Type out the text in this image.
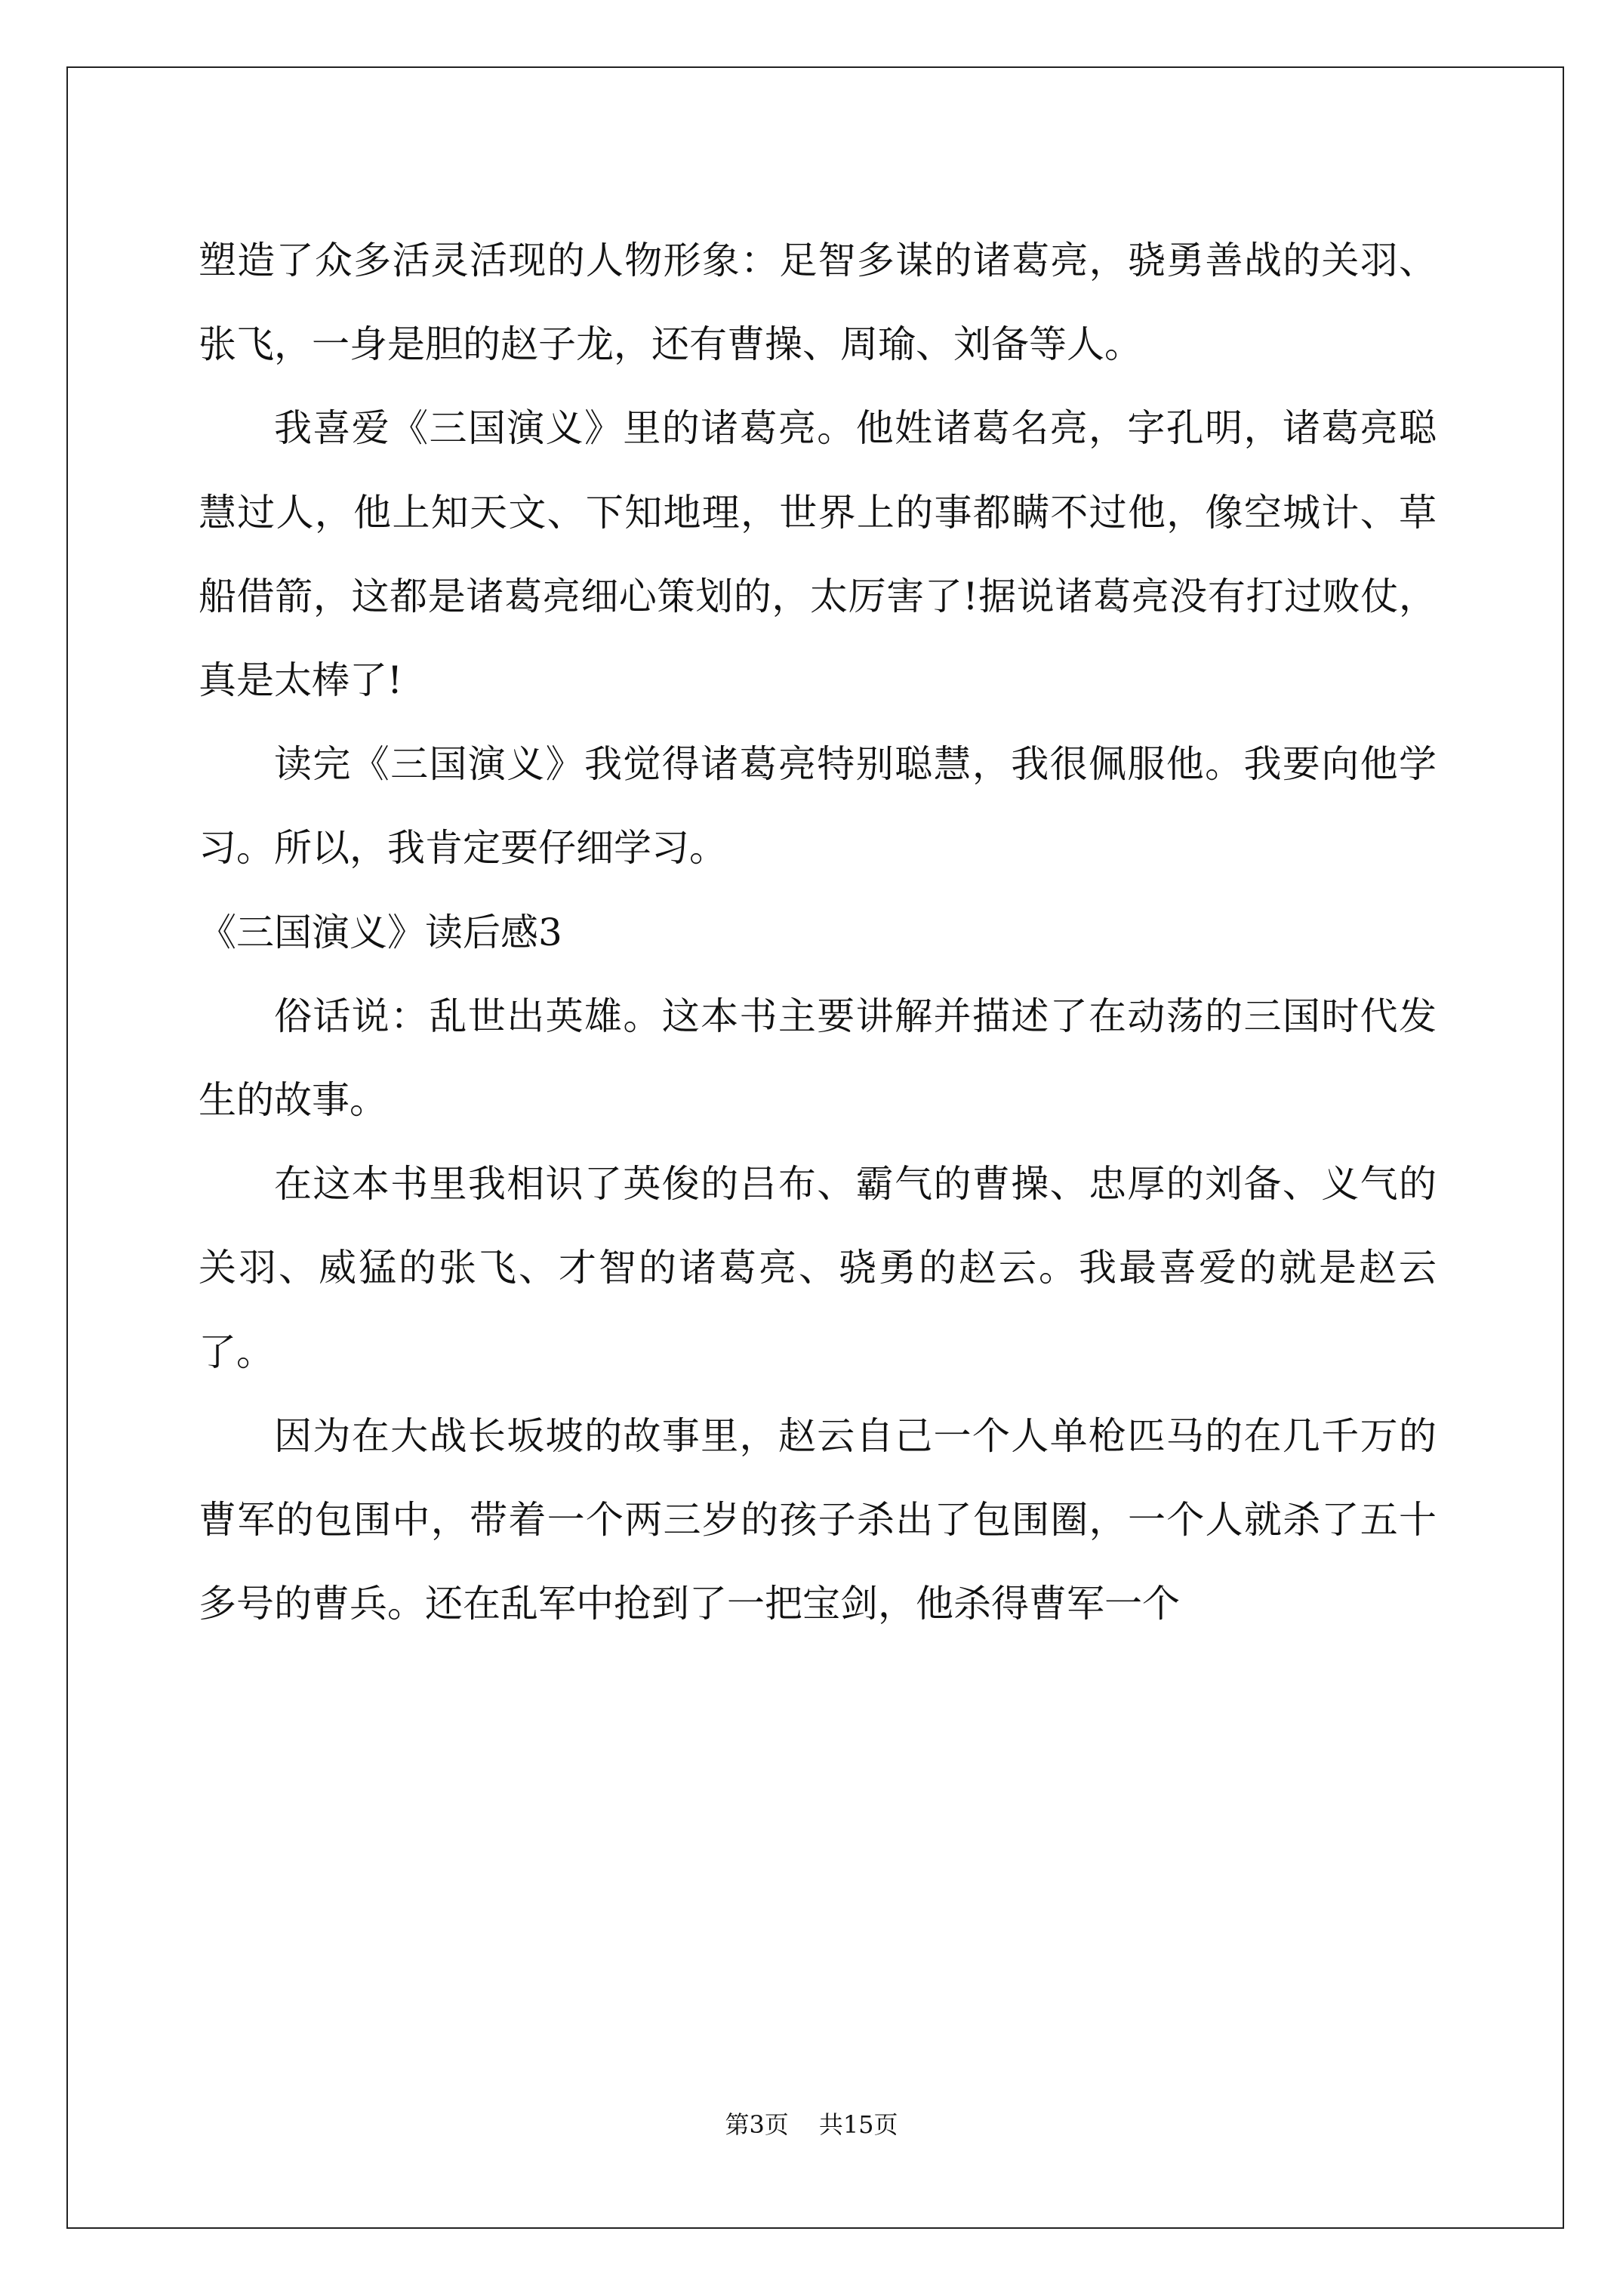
塑造了众多活灵活现的人物形象：足智多谋的诸葛亮，骁勇善战的关羽、张飞，一身是胆的赵子龙，还有曹操、周瑜、刘备等人。

我喜爱《三国演义》里的诸葛亮。他姓诸葛名亮，字孔明，诸葛亮聪慧过人，他上知天文、下知地理，世界上的事都瞒不过他，像空城计、草船借箭，这都是诸葛亮细心策划的，太厉害了!据说诸葛亮没有打过败仗，真是太棒了!

读完《三国演义》我觉得诸葛亮特别聪慧，我很佩服他。我要向他学习。所以，我肯定要仔细学习。

《三国演义》读后感3

俗话说：乱世出英雄。这本书主要讲解并描述了在动荡的三国时代发生的故事。

在这本书里我相识了英俊的吕布、霸气的曹操、忠厚的刘备、义气的关羽、威猛的张飞、才智的诸葛亮、骁勇的赵云。我最喜爱的就是赵云了。

因为在大战长坂坡的故事里，赵云自己一个人单枪匹马的在几千万的曹军的包围中，带着一个两三岁的孩子杀出了包围圈，一个人就杀了五十多号的曹兵。还在乱军中抢到了一把宝剑，他杀得曹军一个

第3页 共15页
